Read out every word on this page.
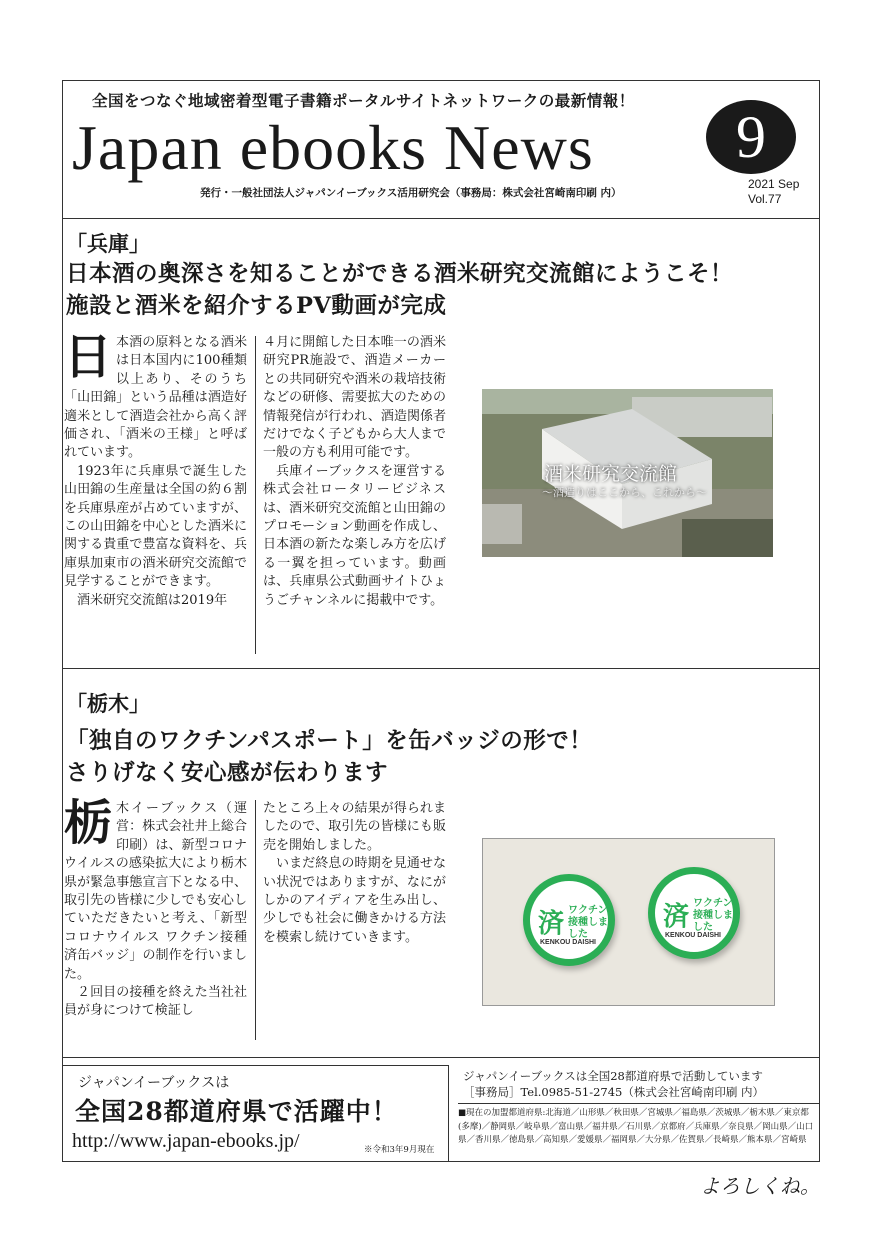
全国をつなぐ地域密着型電子書籍ポータルサイトネットワークの最新情報！
Japan ebooks News	9
2021 Sep
Vol.77
発行・一般社団法人ジャパンイーブックス活用研究会（事務局：株式会社宮崎南印刷 内）
「兵庫」
日本酒の奥深さを知ることができる酒米研究交流館にようこそ！
施設と酒米を紹介するPV動画が完成

日本酒の原料となる酒米は日本国内に100種類以上あり、そのうち「山田錦」という品種は酒造好適米として酒造会社から高く評価され、「酒米の王様」と呼ばれています。

1923年に兵庫県で誕生した山田錦の生産量は全国の約６割を兵庫県産が占めていますが、この山田錦を中心とした酒米に関する貴重で豊富な資料を、兵庫県加東市の酒米研究交流館で見学することができます。

酒米研究交流館は2019年

４月に開館した日本唯一の酒米研究PR施設で、酒造メーカーとの共同研究や酒米の栽培技術などの研修、需要拡大のための情報発信が行われ、酒造関係者だけでなく子どもから大人まで一般の方も利用可能です。

兵庫イーブックスを運営する株式会社ロータリービジネスは、酒米研究交流館と山田錦のプロモーション動画を作成し、日本酒の新たな楽しみ方を広げる一翼を担っています。動画は、兵庫県公式動画サイトひょうごチャンネルに掲載中です。

酒米研究交流館
〜酒造りはここから、これから〜
「栃木」
「独自のワクチンパスポート」を缶バッジの形で！
さりげなく安心感が伝わります

栃木イーブックス（運営：株式会社井上総合印刷）は、新型コロナウイルスの感染拡大により栃木県が緊急事態宣言下となる中、取引先の皆様に少しでも安心していただきたいと考え、「新型コロナウイルス ワクチン接種済缶バッジ」の制作を行いました。

２回目の接種を終えた当社社員が身につけて検証し

たところ上々の結果が得られましたので、取引先の皆様にも販売を開始しました。

いまだ終息の時期を見通せない状況ではありますが、なにがしかのアイディアを生み出し、少しでも社会に働きかける方法を模索し続けていきます。	済 ワクチン接種しました
KENKOU DAISHI
済 ワクチン接種しました
KENKOU DAISHI
ジャパンイーブックスは
全国28都道府県で活躍中！
http://www.japan-ebooks.jp/	※令和3年9月現在
ジャパンイーブックスは全国28都道府県で活動しています
［事務局］Tel.0985-51-2745（株式会社宮崎南印刷 内）
■現在の加盟都道府県:北海道／山形県／秋田県／宮城県／福島県／茨城県／栃木県／東京都(多摩)／静岡県／岐阜県／富山県／福井県／石川県／京都府／兵庫県／奈良県／岡山県／山口県／香川県／徳島県／高知県／愛媛県／福岡県／大分県／佐賀県／長崎県／熊本県／宮崎県
よろしくね。
